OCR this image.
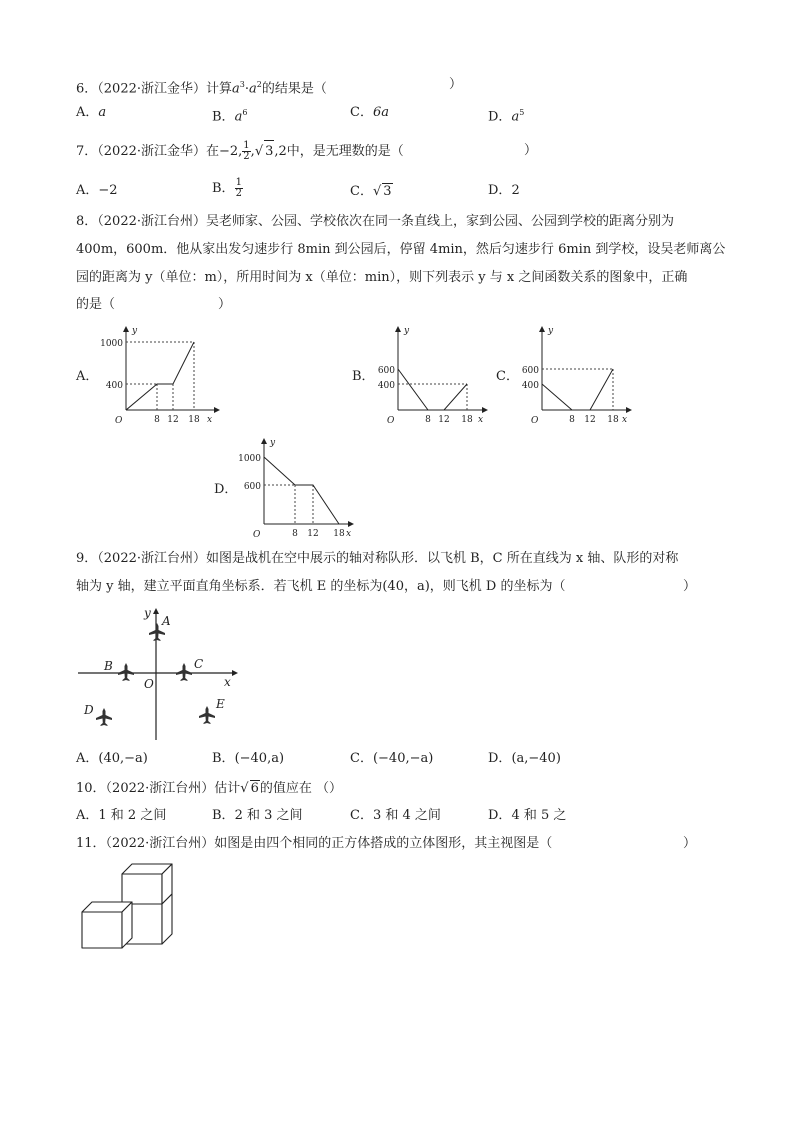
6．（2022·浙江金华）计算$a^3\cdot a^2$的结果是（	）
A．a	B．$a^6$	C．6a	D．$a^5$
7．（2022·浙江金华）在−2, $\frac{1}{2}$ ,√ 3,2中，是无理数的是（	）
A．−2	B． $\frac{1}{2}$	C．√ 3	D．2
8．（2022·浙江台州）吴老师家、公园、学校依次在同一条直线上，家到公园、公园到学校的距离分别为
400m，600m．他从家出发匀速步行 8min 到公园后，停留 4min，然后匀速步行 6min 到学校，设吴老师离公
园的距离为 y（单位：m），所用时间为 x（单位：min），则下列表示 y 与 x 之间函数关系的图象中，正确
的是（	）
A．	B．	C．
D．
y
x
O
1000
400
8 12 18
y
x
O
600
400
8 12 18
y
x
O
600
400
8 12 18
y
x
O
1000
600
8 12 18
9．（2022·浙江台州）如图是战机在空中展示的轴对称队形．以飞机 B，C 所在直线为 x 轴、队形的对称
轴为 y 轴，建立平面直角坐标系．若飞机 E 的坐标为(40，a)，则飞机 D 的坐标为（	）
y
x
O
A
B	C
D	E
A．(40,−a)	B．(−40,a)	C．(−40,−a)	D．(a,−40)
10．（2022·浙江台州）估计√ 6的值应在 （）
A．1 和 2 之间	B．2 和 3 之间	C．3 和 4 之间	D．4 和 5 之
11．（2022·浙江台州）如图是由四个相同的正方体搭成的立体图形，其主视图是（	）
